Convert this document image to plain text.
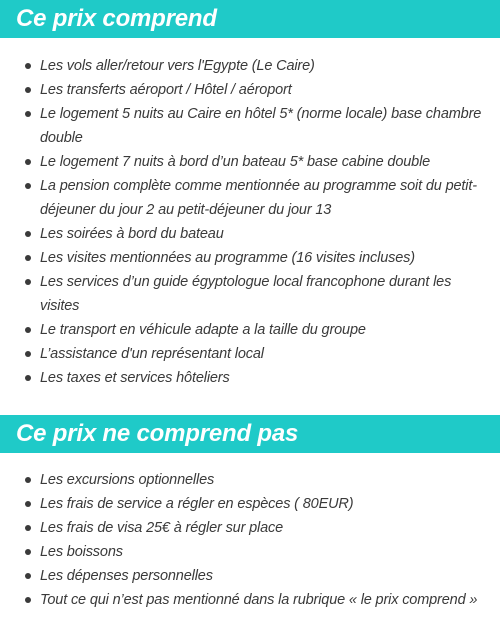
Ce prix comprend
Les vols aller/retour vers l'Egypte (Le Caire)
Les transferts aéroport / Hôtel / aéroport
Le logement 5 nuits au Caire en hôtel 5* (norme locale) base chambre double
Le logement 7 nuits à bord d’un bateau 5* base cabine double
La pension complète comme mentionnée au programme soit du petit-déjeuner du jour 2 au petit-déjeuner du jour 13
Les soirées à bord du bateau
Les visites mentionnées au programme (16 visites incluses)
Les services d’un guide égyptologue local francophone durant les visites
Le transport en véhicule adapte a la taille du groupe
L’assistance d'un représentant local
Les taxes et services hôteliers
Ce prix ne comprend pas
Les excursions optionnelles
Les frais de service a régler en espèces ( 80EUR)
Les frais de visa 25€ à régler sur place
Les boissons
Les dépenses personnelles
Tout ce qui n’est pas mentionné dans la rubrique « le prix comprend »
